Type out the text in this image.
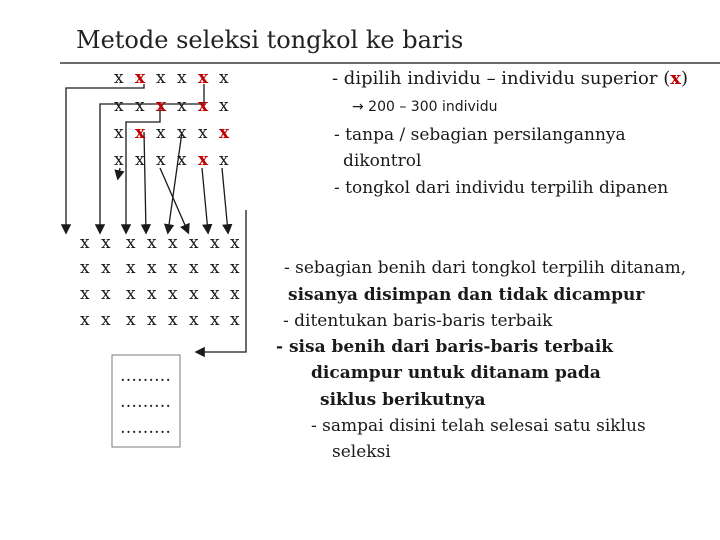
Metode seleksi tongkol ke baris
x x x x x x
x x x x x x
x x x x x x
x x x x x x
x x x x x x x x
x x x x x x x x
x x x x x x x x
x x x x x x x x
………
………
………
- dipilih individu – individu superior (x)
→ 200 – 300 individu
- tanpa / sebagian persilangannya
dikontrol
- tongkol dari individu terpilih dipanen
- sebagian benih dari tongkol terpilih ditanam,
sisanya disimpan dan tidak dicampur
- ditentukan baris-baris terbaik
- sisa benih dari baris-baris terbaik
dicampur untuk ditanam pada
siklus berikutnya
- sampai disini telah selesai satu siklus
seleksi
